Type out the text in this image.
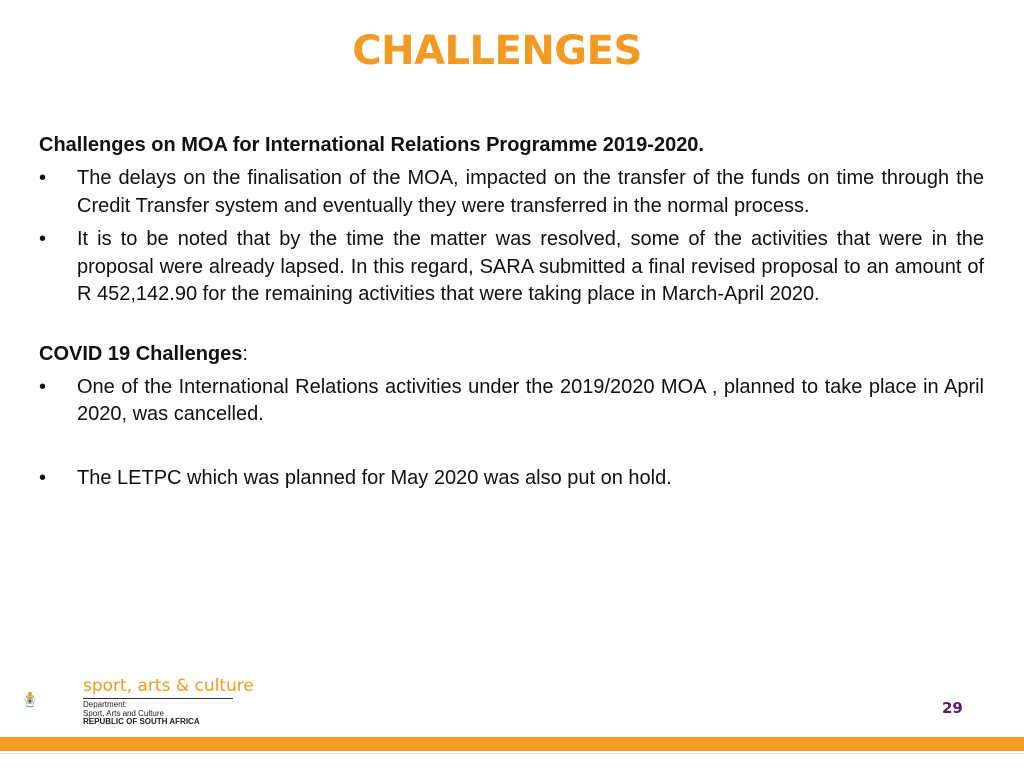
CHALLENGES
Challenges on MOA for International Relations Programme 2019-2020.
• The delays on the finalisation of the MOA, impacted on the transfer of the funds on time through the Credit Transfer system and eventually they were transferred in the normal process.
• It is to be noted that by the time the matter was resolved, some of the activities that were in the proposal were already lapsed. In this regard, SARA submitted a final revised proposal to an amount of R 452,142.90 for the remaining activities that were taking place in March-April 2020.
COVID 19 Challenges:
• One of the International Relations activities under the 2019/2020 MOA , planned to take place in April 2020, was cancelled.
• The LETPC which was planned for May 2020 was also put on hold.
sport, arts & culture
Department:
Sport, Arts and Culture
REPUBLIC OF SOUTH AFRICA
29
